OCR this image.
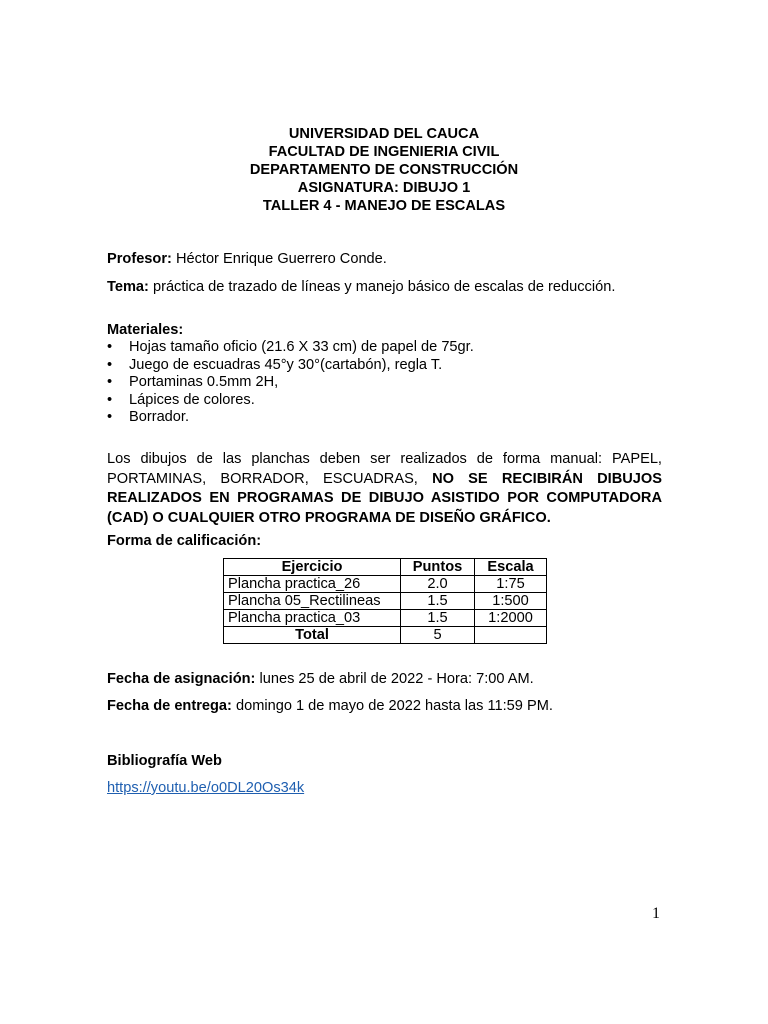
UNIVERSIDAD DEL CAUCA
FACULTAD DE INGENIERIA CIVIL
DEPARTAMENTO DE CONSTRUCCIÓN
ASIGNATURA: DIBUJO 1
TALLER 4 - MANEJO DE ESCALAS
Profesor: Héctor Enrique Guerrero Conde.
Tema: práctica de trazado de líneas y manejo básico de escalas de reducción.
Materiales:
• Hojas tamaño oficio (21.6 X 33 cm) de papel de 75gr.
• Juego de escuadras 45°y 30°(cartabón), regla T.
• Portaminas 0.5mm 2H,
• Lápices de colores.
• Borrador.
Los dibujos de las planchas deben ser realizados de forma manual: PAPEL, PORTAMINAS, BORRADOR, ESCUADRAS, NO SE RECIBIRÁN DIBUJOS REALIZADOS EN PROGRAMAS DE DIBUJO ASISTIDO POR COMPUTADORA (CAD) O CUALQUIER OTRO PROGRAMA DE DISEÑO GRÁFICO.
Forma de calificación:
Ejercicio	Puntos	Escala
Plancha practica_26	2.0	1:75
Plancha 05_Rectilineas	1.5	1:500
Plancha practica_03	1.5	1:2000
Total	5	
Fecha de asignación: lunes 25 de abril de 2022 - Hora: 7:00 AM.
Fecha de entrega: domingo 1 de mayo de 2022 hasta las 11:59 PM.
Bibliografía Web
https://youtu.be/o0DL20Os34k
1
